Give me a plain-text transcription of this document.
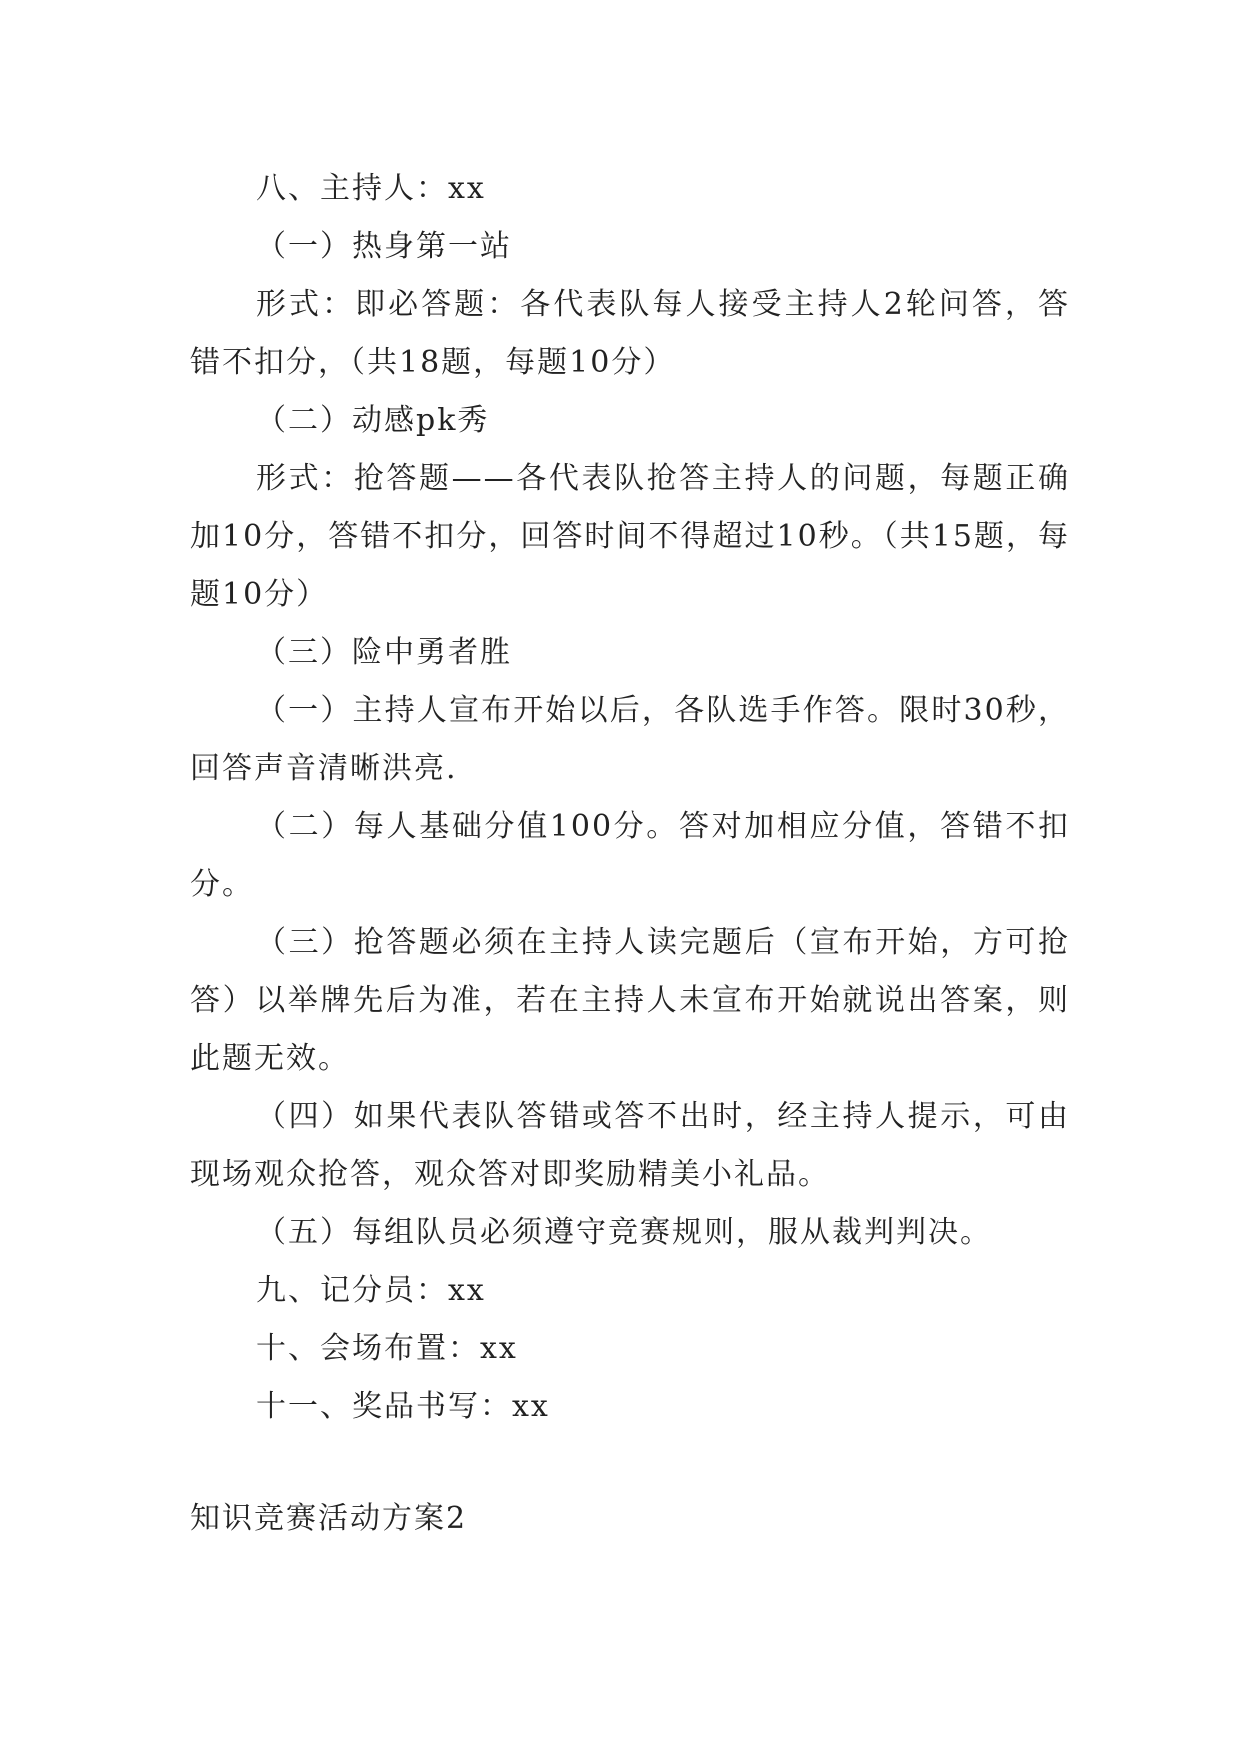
八、主持人：xx

（一）热身第一站

形式：即必答题：各代表队每人接受主持人2轮问答，答错不扣分，（共18题，每题10分）

（二）动感pk秀

形式：抢答题——各代表队抢答主持人的问题，每题正确加10分，答错不扣分，回答时间不得超过10秒。（共15题，每题10分）

（三）险中勇者胜

（一）主持人宣布开始以后，各队选手作答。限时30秒，回答声音清晰洪亮.

（二）每人基础分值100分。答对加相应分值，答错不扣分。

（三）抢答题必须在主持人读完题后（宣布开始，方可抢答）以举牌先后为准，若在主持人未宣布开始就说出答案，则此题无效。

（四）如果代表队答错或答不出时，经主持人提示，可由现场观众抢答，观众答对即奖励精美小礼品。

（五）每组队员必须遵守竞赛规则，服从裁判判决。

九、记分员：xx

十、会场布置：xx

十一、奖品书写：xx

知识竞赛活动方案2
